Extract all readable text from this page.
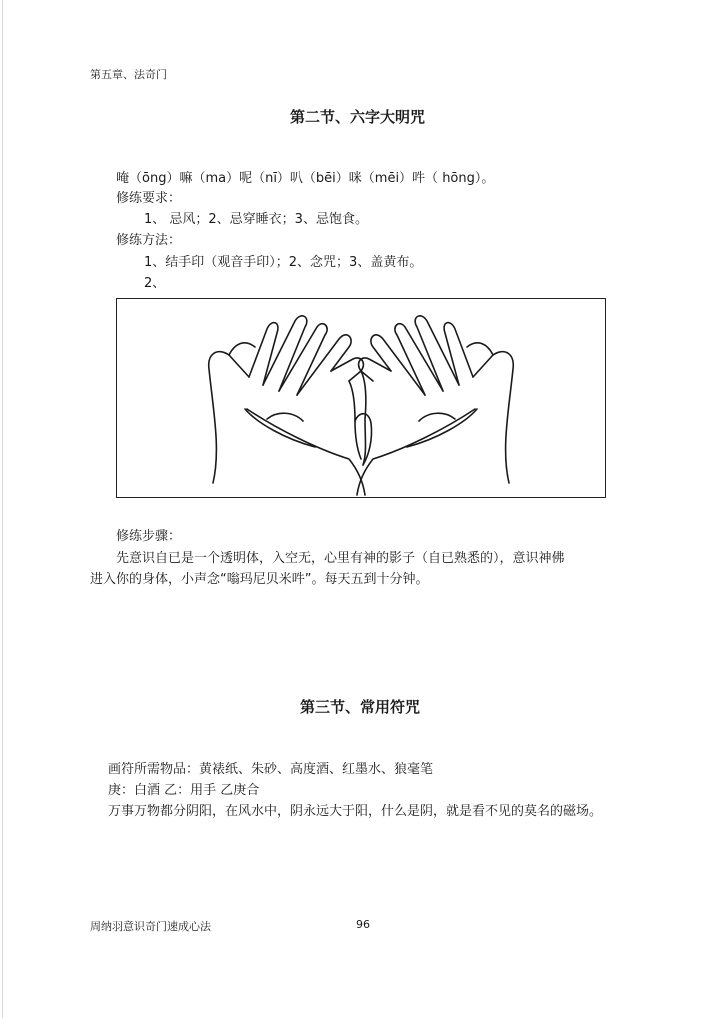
第五章、法奇门
第二节、六字大明咒
唵（ōng）嘛（ma）呢（nī）叭（bēi）咪（mēi）吽（ hōng）。
修练要求：
1、 忌风；2、忌穿睡衣；3、忌饱食。
修练方法：
1、结手印（观音手印）；2、念咒；3、盖黄布。
2、
修练步骤：
先意识自已是一个透明体，入空无，心里有神的影子（自已熟悉的），意识神佛
进入你的身体，小声念“嗡玛尼贝米吽”。每天五到十分钟。
第三节、常用符咒
画符所需物品：黄裱纸、朱砂、高度酒、红墨水、狼毫笔
庚：白酒 乙：用手 乙庚合
万事万物都分阴阳，在风水中，阴永远大于阳，什么是阴，就是看不见的莫名的磁场。
周纳羽意识奇门速成心法	96
